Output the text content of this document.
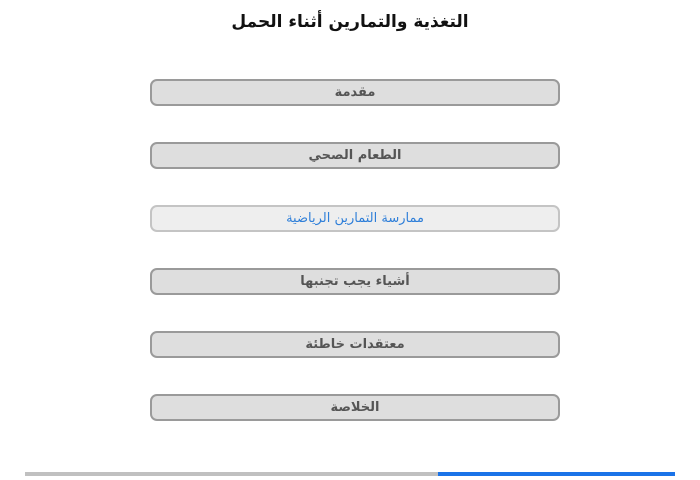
التغذية والتمارين أثناء الحمل
مقدمة
الطعام الصحي
ممارسة التمارين الرياضية
أشياء يجب تجنبها
معتقدات خاطئة
الخلاصة
